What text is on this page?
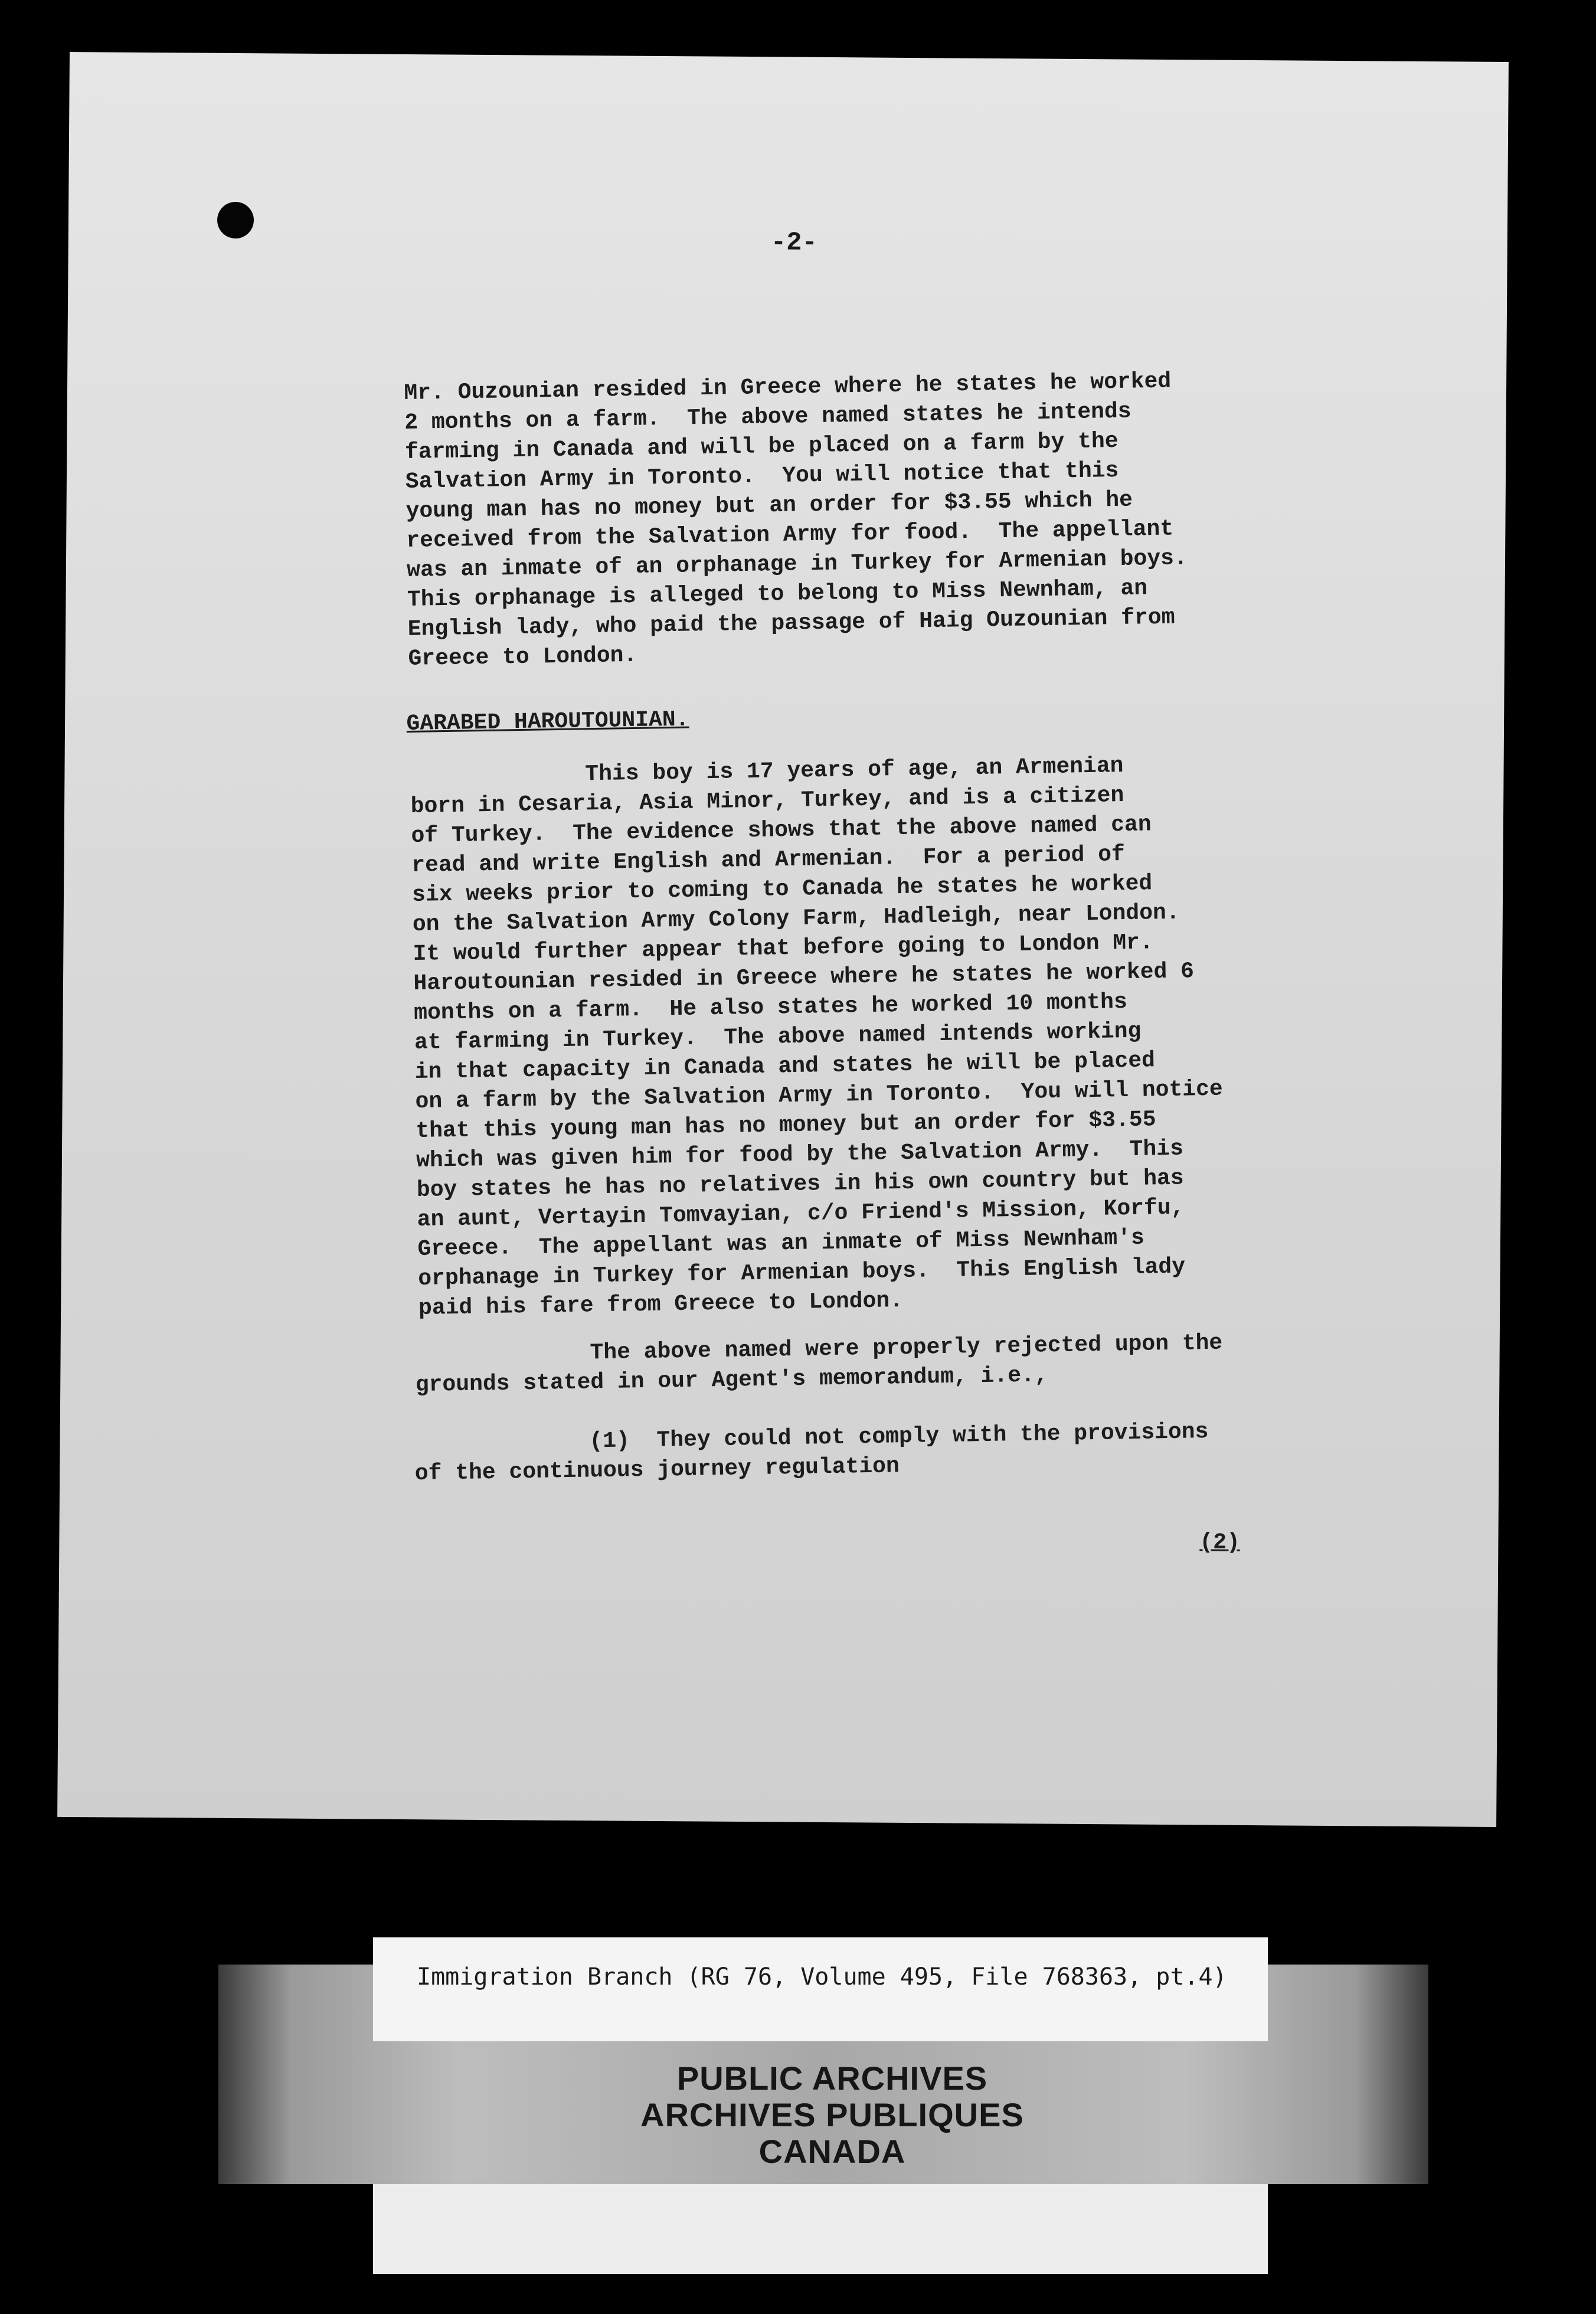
-2-

Mr. Ouzounian resided in Greece where he states he worked
2 months on a farm.  The above named states he intends
farming in Canada and will be placed on a farm by the
Salvation Army in Toronto.  You will notice that this
young man has no money but an order for $3.55 which he
received from the Salvation Army for food.  The appellant
was an inmate of an orphanage in Turkey for Armenian boys.
This orphanage is alleged to belong to Miss Newnham, an
English lady, who paid the passage of Haig Ouzounian from
Greece to London.

GARABED HAROUTOUNIAN.

This boy is 17 years of age, an Armenian
born in Cesaria, Asia Minor, Turkey, and is a citizen
of Turkey.  The evidence shows that the above named can
read and write English and Armenian.  For a period of
six weeks prior to coming to Canada he states he worked
on the Salvation Army Colony Farm, Hadleigh, near London.
It would further appear that before going to London Mr.
Haroutounian resided in Greece where he states he worked 6
months on a farm.  He also states he worked 10 months
at farming in Turkey.  The above named intends working
in that capacity in Canada and states he will be placed
on a farm by the Salvation Army in Toronto.  You will notice
that this young man has no money but an order for $3.55
which was given him for food by the Salvation Army.  This
boy states he has no relatives in his own country but has
an aunt, Vertayin Tomvayian, c/o Friend's Mission, Korfu,
Greece.  The appellant was an inmate of Miss Newnham's
orphanage in Turkey for Armenian boys.  This English lady
paid his fare from Greece to London.

The above named were properly rejected upon the
grounds stated in our Agent's memorandum, i.e.,

(1)  They could not comply with the provisions
of the continuous journey regulation

(2)
Immigration Branch (RG 76, Volume 495, File 768363, pt.4)
PUBLIC ARCHIVES
ARCHIVES PUBLIQUES
CANADA
